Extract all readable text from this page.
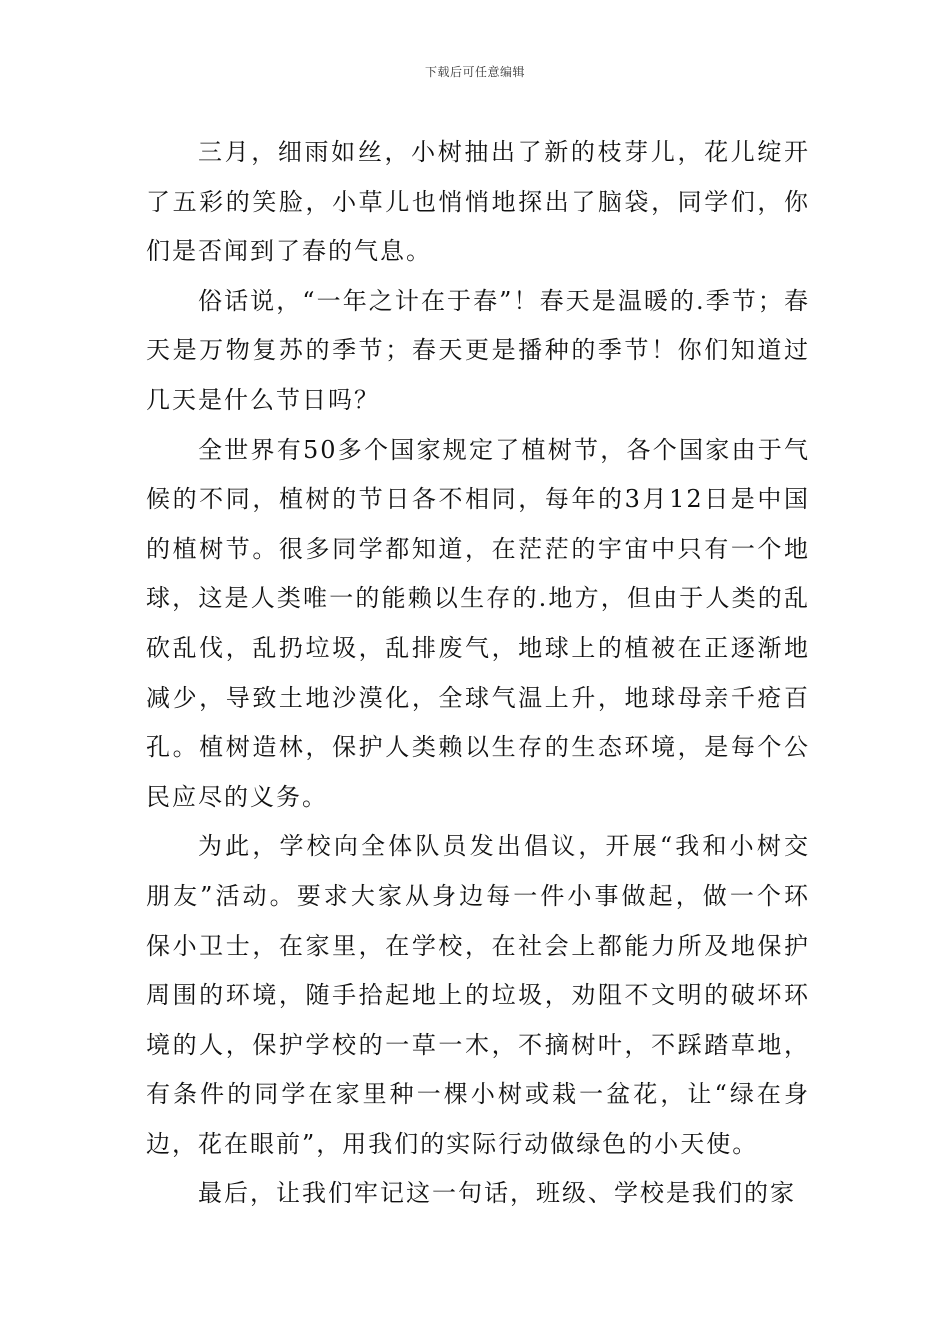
下载后可任意编辑

三月，细雨如丝，小树抽出了新的枝芽儿，花儿绽开了五彩的笑脸，小草儿也悄悄地探出了脑袋，同学们，你们是否闻到了春的气息。

俗话说，“一年之计在于春”！春天是温暖的.季节；春天是万物复苏的季节；春天更是播种的季节！你们知道过几天是什么节日吗？

全世界有50多个国家规定了植树节，各个国家由于气候的不同，植树的节日各不相同，每年的3月12日是中国的植树节。很多同学都知道，在茫茫的宇宙中只有一个地球，这是人类唯一的能赖以生存的.地方，但由于人类的乱砍乱伐，乱扔垃圾，乱排废气，地球上的植被在正逐渐地减少，导致土地沙漠化，全球气温上升，地球母亲千疮百孔。植树造林，保护人类赖以生存的生态环境，是每个公民应尽的义务。

为此，学校向全体队员发出倡议，开展“我和小树交朋友”活动。要求大家从身边每一件小事做起，做一个环保小卫士，在家里，在学校，在社会上都能力所及地保护周围的环境，随手拾起地上的垃圾，劝阻不文明的破坏环境的人，保护学校的一草一木，不摘树叶，不踩踏草地，有条件的同学在家里种一棵小树或栽一盆花，让“绿在身边，花在眼前”，用我们的实际行动做绿色的小天使。

最后，让我们牢记这一句话，班级、学校是我们的家
